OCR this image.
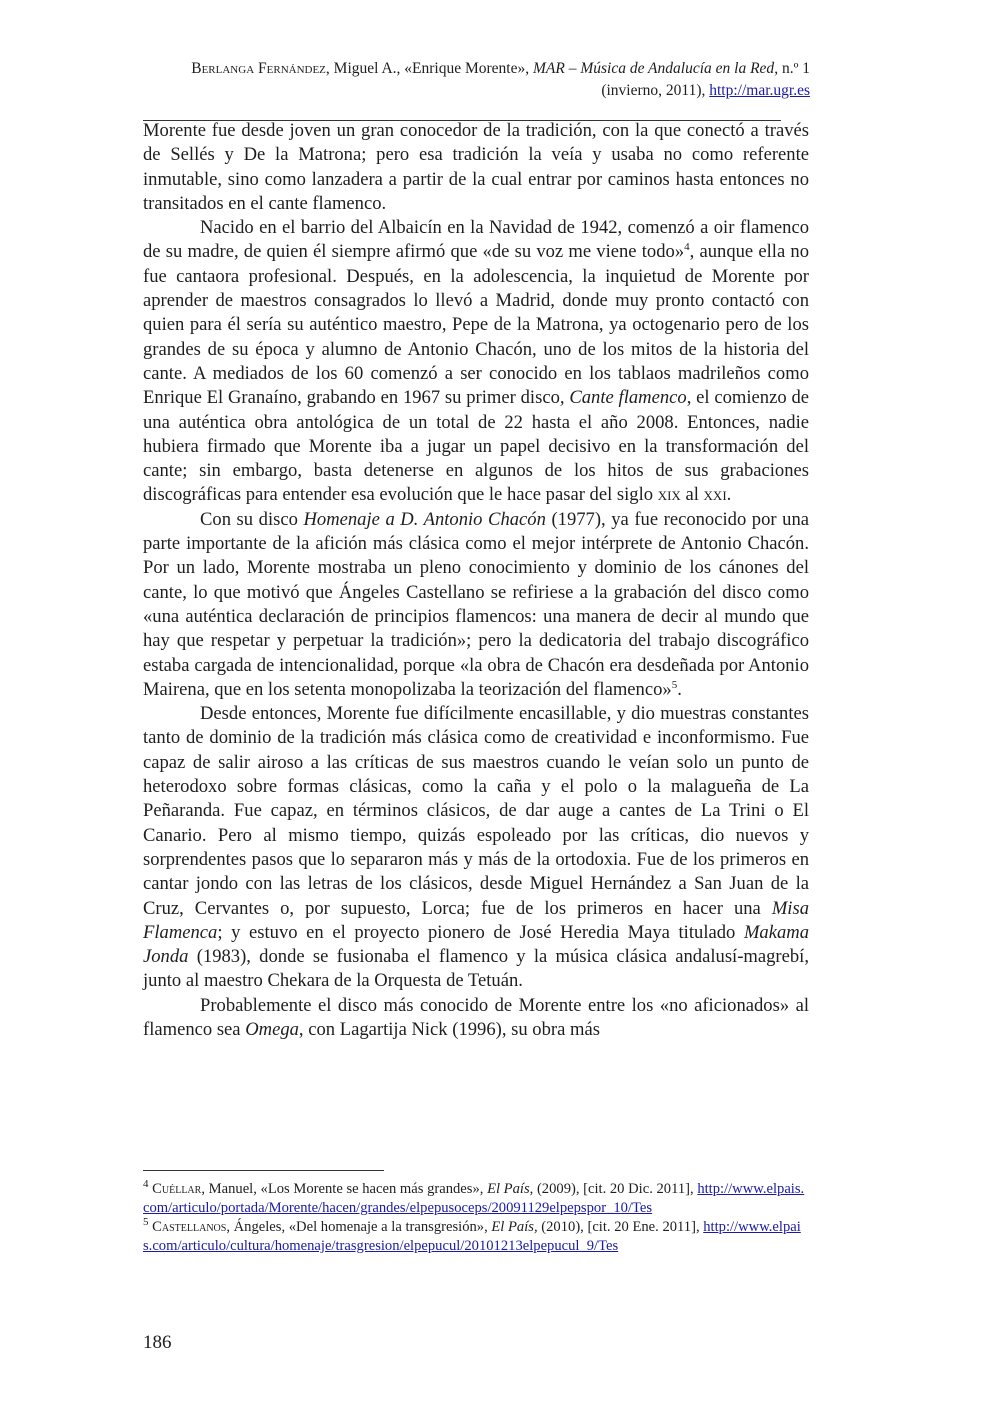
Berlanga Fernández, Miguel A., «Enrique Morente», MAR – Música de Andalucía en la Red, n.º 1
(invierno, 2011), http://mar.ugr.es

Morente fue desde joven un gran conocedor de la tradición, con la que conectó a través de Sellés y De la Matrona; pero esa tradición la veía y usaba no como referente inmutable, sino como lanzadera a partir de la cual entrar por caminos hasta entonces no transitados en el cante flamenco.

Nacido en el barrio del Albaicín en la Navidad de 1942, comenzó a oir flamenco de su madre, de quien él siempre afirmó que «de su voz me viene todo»$^4$, aunque ella no fue cantaora profesional. Después, en la adolescencia, la inquietud de Morente por aprender de maestros consagrados lo llevó a Madrid, donde muy pronto contactó con quien para él sería su auténtico maestro, Pepe de la Matrona, ya octogenario pero de los grandes de su época y alumno de Antonio Chacón, uno de los mitos de la historia del cante. A mediados de los 60 comenzó a ser conocido en los tablaos madrileños como Enrique El Granaíno, grabando en 1967 su primer disco, Cante flamenco, el comienzo de una auténtica obra antológica de un total de 22 hasta el año 2008. Entonces, nadie hubiera firmado que Morente iba a jugar un papel decisivo en la transformación del cante; sin embargo, basta detenerse en algunos de los hitos de sus grabaciones discográficas para entender esa evolución que le hace pasar del siglo xix al xxi.

Con su disco Homenaje a D. Antonio Chacón (1977), ya fue reconocido por una parte importante de la afición más clásica como el mejor intérprete de Antonio Chacón. Por un lado, Morente mostraba un pleno conocimiento y dominio de los cánones del cante, lo que motivó que Ángeles Castellano se refiriese a la grabación del disco como «una auténtica declaración de principios flamencos: una manera de decir al mundo que hay que respetar y perpetuar la tradición»; pero la dedicatoria del trabajo discográfico estaba cargada de intencionalidad, porque «la obra de Chacón era desdeñada por Antonio Mairena, que en los setenta monopolizaba la teorización del flamenco»$^5$.

Desde entonces, Morente fue difícilmente encasillable, y dio muestras constantes tanto de dominio de la tradición más clásica como de creatividad e inconformismo. Fue capaz de salir airoso a las críticas de sus maestros cuando le veían solo un punto de heterodoxo sobre formas clásicas, como la caña y el polo o la malagueña de La Peñaranda. Fue capaz, en términos clásicos, de dar auge a cantes de La Trini o El Canario. Pero al mismo tiempo, quizás espoleado por las críticas, dio nuevos y sorprendentes pasos que lo separaron más y más de la ortodoxia. Fue de los primeros en cantar jondo con las letras de los clásicos, desde Miguel Hernández a San Juan de la Cruz, Cervantes o, por supuesto, Lorca; fue de los primeros en hacer una Misa Flamenca; y estuvo en el proyecto pionero de José Heredia Maya titulado Makama Jonda (1983), donde se fusionaba el flamenco y la música clásica andalusí-magrebí, junto al maestro Chekara de la Orquesta de Tetuán.

Probablemente el disco más conocido de Morente entre los «no aficionados» al flamenco sea Omega, con Lagartija Nick (1996), su obra más

$^4$ Cuéllar, Manuel, «Los Morente se hacen más grandes», El País, (2009), [cit. 20 Dic. 2011], http://www.elpais.com/articulo/portada/Morente/hacen/grandes/elpepusoceps/20091129elpepspor_10/Tes

$^5$ Castellanos, Ángeles, «Del homenaje a la transgresión», El País, (2010), [cit. 20 Ene. 2011], http://www.elpais.com/articulo/cultura/homenaje/trasgresion/elpepucul/20101213elpepucul_9/Tes

186
